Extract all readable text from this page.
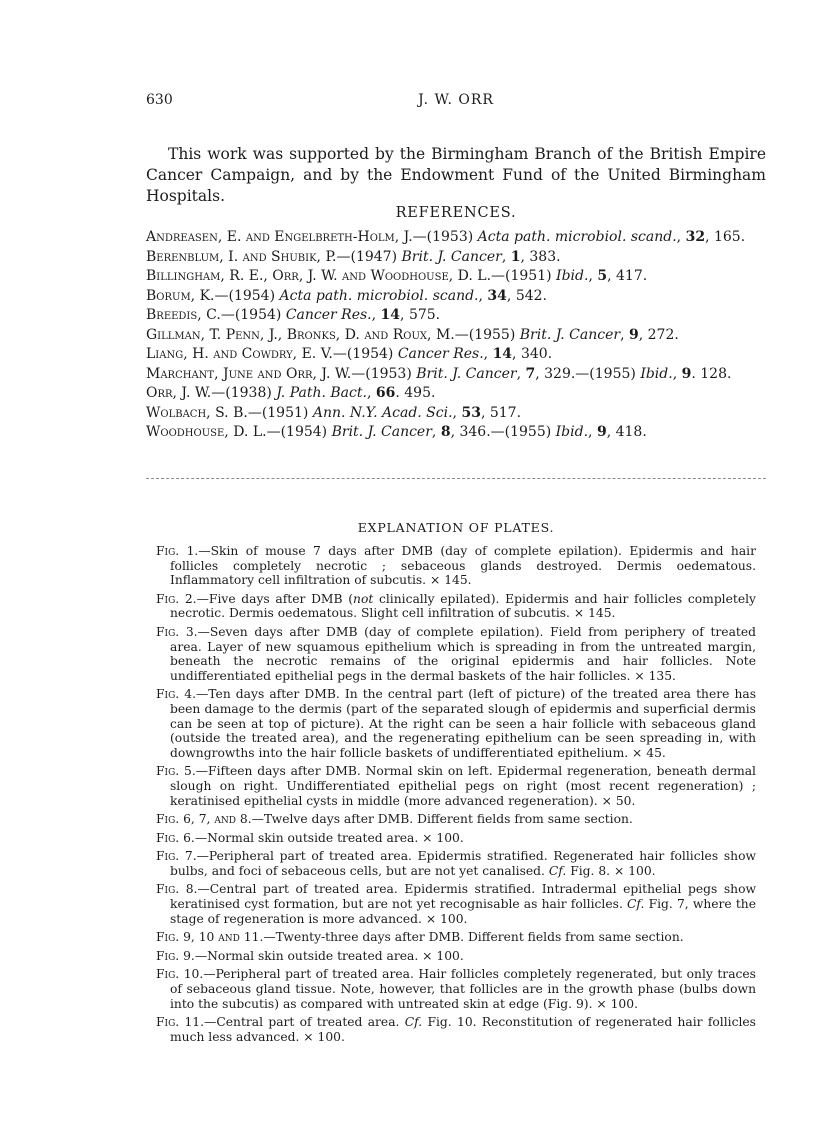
630	J. W. ORR

This work was supported by the Birmingham Branch of the British Empire Cancer Campaign, and by the Endowment Fund of the United Birmingham Hospitals.

REFERENCES.
Andreasen, E. and Engelbreth-Holm, J.—(1953) Acta path. microbiol. scand., 32, 165.
Berenblum, I. and Shubik, P.—(1947) Brit. J. Cancer, 1, 383.
Billingham, R. E., Orr, J. W. and Woodhouse, D. L.—(1951) Ibid., 5, 417.
Borum, K.—(1954) Acta path. microbiol. scand., 34, 542.
Breedis, C.—(1954) Cancer Res., 14, 575.
Gillman, T. Penn, J., Bronks, D. and Roux, M.—(1955) Brit. J. Cancer, 9, 272.
Liang, H. and Cowdry, E. V.—(1954) Cancer Res., 14, 340.
Marchant, June and Orr, J. W.—(1953) Brit. J. Cancer, 7, 329.—(1955) Ibid., 9. 128.
Orr, J. W.—(1938) J. Path. Bact., 66. 495.
Wolbach, S. B.—(1951) Ann. N.Y. Acad. Sci., 53, 517.
Woodhouse, D. L.—(1954) Brit. J. Cancer, 8, 346.—(1955) Ibid., 9, 418.
EXPLANATION OF PLATES.
Fig. 1.—Skin of mouse 7 days after DMB (day of complete epilation). Epidermis and hair follicles completely necrotic ; sebaceous glands destroyed. Dermis oedematous. Inflammatory cell infiltration of subcutis. × 145.
Fig. 2.—Five days after DMB (not clinically epilated). Epidermis and hair follicles completely necrotic. Dermis oedematous. Slight cell infiltration of subcutis. × 145.
Fig. 3.—Seven days after DMB (day of complete epilation). Field from periphery of treated area. Layer of new squamous epithelium which is spreading in from the untreated margin, beneath the necrotic remains of the original epidermis and hair follicles. Note undifferentiated epithelial pegs in the dermal baskets of the hair follicles. × 135.
Fig. 4.—Ten days after DMB. In the central part (left of picture) of the treated area there has been damage to the dermis (part of the separated slough of epidermis and superficial dermis can be seen at top of picture). At the right can be seen a hair follicle with sebaceous gland (outside the treated area), and the regenerating epithelium can be seen spreading in, with downgrowths into the hair follicle baskets of undifferentiated epithelium. × 45.
Fig. 5.—Fifteen days after DMB. Normal skin on left. Epidermal regeneration, beneath dermal slough on right. Undifferentiated epithelial pegs on right (most recent regeneration) ; keratinised epithelial cysts in middle (more advanced regeneration). × 50.
Fig. 6, 7, and 8.—Twelve days after DMB. Different fields from same section.
Fig. 6.—Normal skin outside treated area. × 100.
Fig. 7.—Peripheral part of treated area. Epidermis stratified. Regenerated hair follicles show bulbs, and foci of sebaceous cells, but are not yet canalised. Cf. Fig. 8. × 100.
Fig. 8.—Central part of treated area. Epidermis stratified. Intradermal epithelial pegs show keratinised cyst formation, but are not yet recognisable as hair follicles. Cf. Fig. 7, where the stage of regeneration is more advanced. × 100.
Fig. 9, 10 and 11.—Twenty-three days after DMB. Different fields from same section.
Fig. 9.—Normal skin outside treated area. × 100.
Fig. 10.—Peripheral part of treated area. Hair follicles completely regenerated, but only traces of sebaceous gland tissue. Note, however, that follicles are in the growth phase (bulbs down into the subcutis) as compared with untreated skin at edge (Fig. 9). × 100.
Fig. 11.—Central part of treated area. Cf. Fig. 10. Reconstitution of regenerated hair follicles much less advanced. × 100.
